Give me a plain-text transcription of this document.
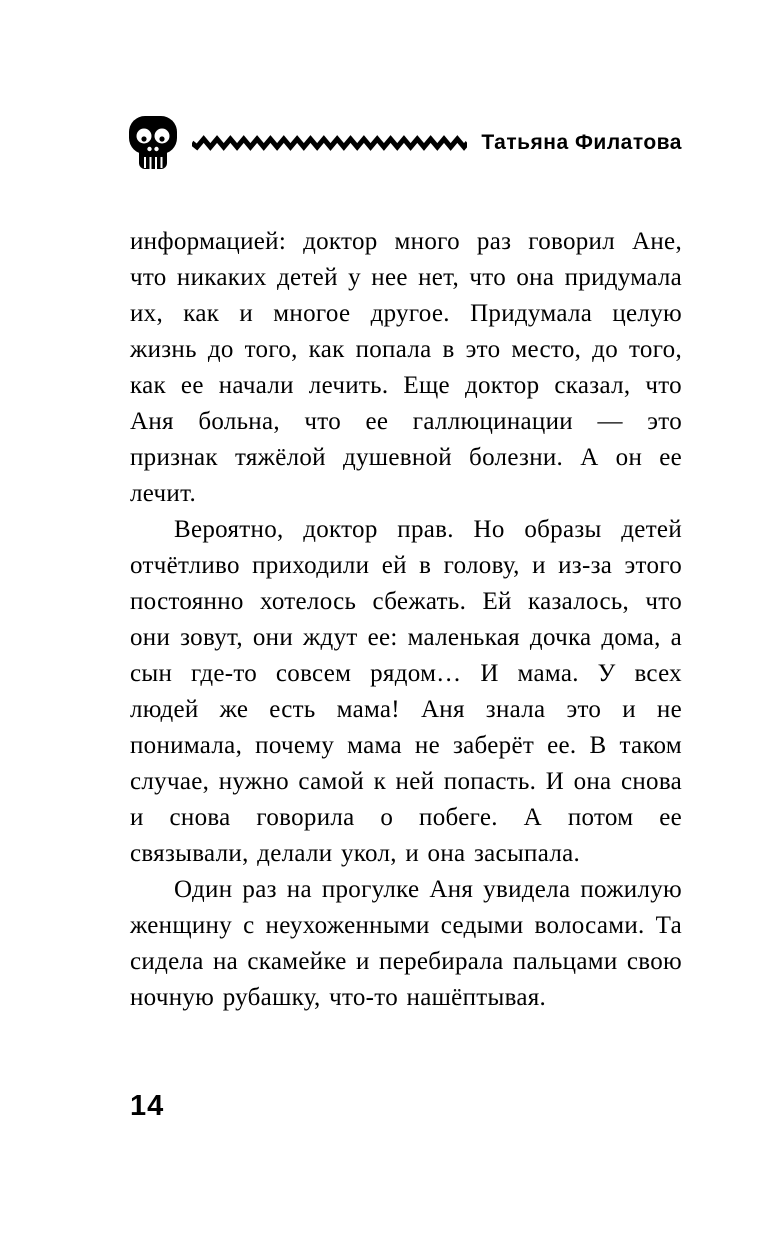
Татьяна Филатова

информацией: доктор много раз говорил Ане, что никаких детей у нее нет, что она придумала их, как и многое другое. Придумала целую жизнь до того, как попала в это место, до того, как ее начали лечить. Еще доктор сказал, что Аня больна, что ее галлюцинации — это признак тяжёлой душевной болезни. А он ее лечит.

Вероятно, доктор прав. Но образы детей отчётливо приходили ей в голову, и из-за этого постоянно хотелось сбежать. Ей казалось, что они зовут, они ждут ее: маленькая дочка дома, а сын где-то совсем рядом… И мама. У всех людей же есть мама! Аня знала это и не понимала, почему мама не заберёт ее. В таком случае, нужно самой к ней попасть. И она снова и снова говорила о побеге. А потом ее связывали, делали укол, и она засыпала.

Один раз на прогулке Аня увидела пожилую женщину с неухоженными седыми волосами. Та сидела на скамейке и перебирала пальцами свою ночную рубашку, что-то нашёптывая.

14
